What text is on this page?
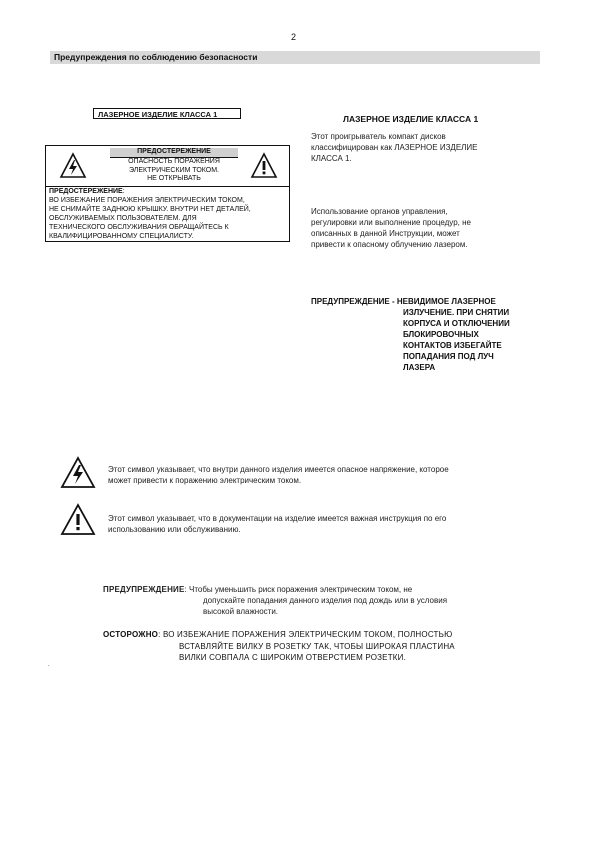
2
Предупреждения по соблюдению безопасности
ЛАЗЕРНОЕ ИЗДЕЛИЕ КЛАССА 1
ПРЕДОСТЕРЕЖЕНИЕ
ОПАСНОСТЬ ПОРАЖЕНИЯ
ЭЛЕКТРИЧЕСКИМ ТОКОМ.
НЕ ОТКРЫВАТЬ
ПРЕДОСТЕРЕЖЕНИЕ:
ВО ИЗБЕЖАНИЕ ПОРАЖЕНИЯ ЭЛЕКТРИЧЕСКИМ ТОКОМ,
НЕ СНИМАЙТЕ ЗАДНЮЮ КРЫШКУ. ВНУТРИ НЕТ ДЕТАЛЕЙ,
ОБСЛУЖИВАЕМЫХ ПОЛЬЗОВАТЕЛЕМ. ДЛЯ
ТЕХНИЧЕСКОГО ОБСЛУЖИВАНИЯ ОБРАЩАЙТЕСЬ К
КВАЛИФИЦИРОВАННОМУ СПЕЦИАЛИСТУ.
ЛАЗЕРНОЕ ИЗДЕЛИЕ КЛАССА 1
Этот проигрыватель компакт дисков
классифицирован как ЛАЗЕРНОЕ ИЗДЕЛИЕ
КЛАССА 1.
Использование органов управления,
регулировки или выполнение процедур, не
описанных в данной Инструкции, может
привести к опасному облучению лазером.
ПРЕДУПРЕЖДЕНИЕ - НЕВИДИМОЕ ЛАЗЕРНОЕ
ИЗЛУЧЕНИЕ. ПРИ СНЯТИИ
КОРПУСА И ОТКЛЮЧЕНИИ
БЛОКИРОВОЧНЫХ
КОНТАКТОВ ИЗБЕГАЙТЕ
ПОПАДАНИЯ ПОД ЛУЧ
ЛАЗЕРА
Этот символ указывает, что внутри данного изделия имеется опасное напряжение, которое
может привести к поражению электрическим током.
Этот символ указывает, что в документации на изделие имеется важная инструкция по его
использованию или обслуживанию.
ПРЕДУПРЕЖДЕНИЕ: Чтобы уменьшить риск поражения электрическим током, не
допускайте попадания данного изделия под дождь или в условия
высокой влажности.
ОСТОРОЖНО: ВО ИЗБЕЖАНИЕ ПОРАЖЕНИЯ ЭЛЕКТРИЧЕСКИМ ТОКОМ, ПОЛНОСТЬЮ
ВСТАВЛЯЙТЕ ВИЛКУ В РОЗЕТКУ ТАК, ЧТОБЫ ШИРОКАЯ ПЛАСТИНА
ВИЛКИ СОВПАЛА С ШИРОКИМ ОТВЕРСТИЕМ РОЗЕТКИ.
.
